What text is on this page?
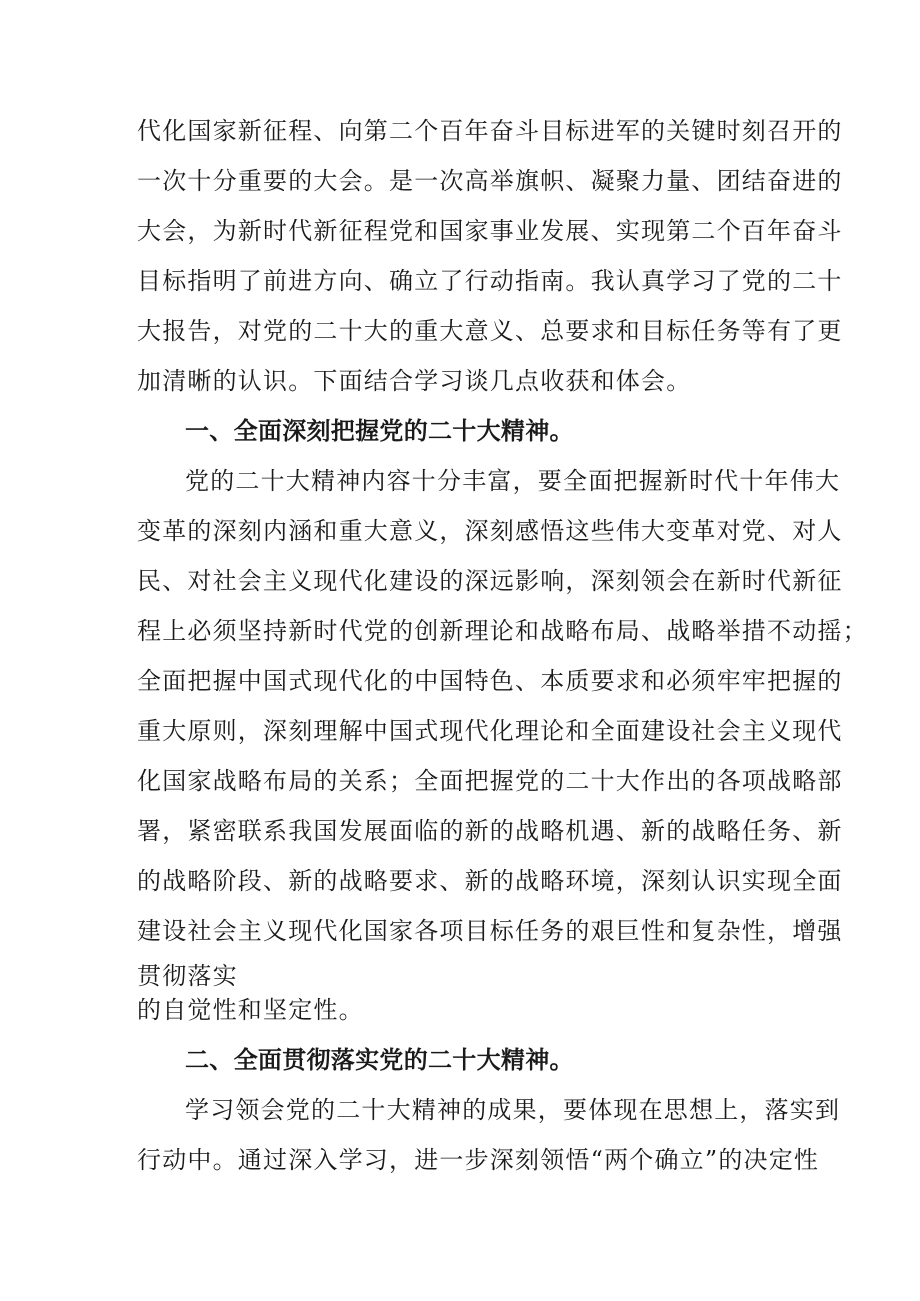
代化国家新征程、向第二个百年奋斗目标进军的关键时刻召开的
一次十分重要的大会。是一次高举旗帜、凝聚力量、团结奋进的
大会，为新时代新征程党和国家事业发展、实现第二个百年奋斗
目标指明了前进方向、确立了行动指南。我认真学习了党的二十
大报告，对党的二十大的重大意义、总要求和目标任务等有了更
加清晰的认识。下面结合学习谈几点收获和体会。
一、全面深刻把握党的二十大精神。
党的二十大精神内容十分丰富，要全面把握新时代十年伟大
变革的深刻内涵和重大意义，深刻感悟这些伟大变革对党、对人
民、对社会主义现代化建设的深远影响，深刻领会在新时代新征
程上必须坚持新时代党的创新理论和战略布局、战略举措不动摇；
全面把握中国式现代化的中国特色、本质要求和必须牢牢把握的
重大原则，深刻理解中国式现代化理论和全面建设社会主义现代
化国家战略布局的关系；全面把握党的二十大作出的各项战略部
署，紧密联系我国发展面临的新的战略机遇、新的战略任务、新
的战略阶段、新的战略要求、新的战略环境，深刻认识实现全面
建设社会主义现代化国家各项目标任务的艰巨性和复杂性，增强
贯彻落实
的自觉性和坚定性。
二、全面贯彻落实党的二十大精神。
学习领会党的二十大精神的成果，要体现在思想上，落实到
行动中。通过深入学习，进一步深刻领悟“两个确立”的决定性
